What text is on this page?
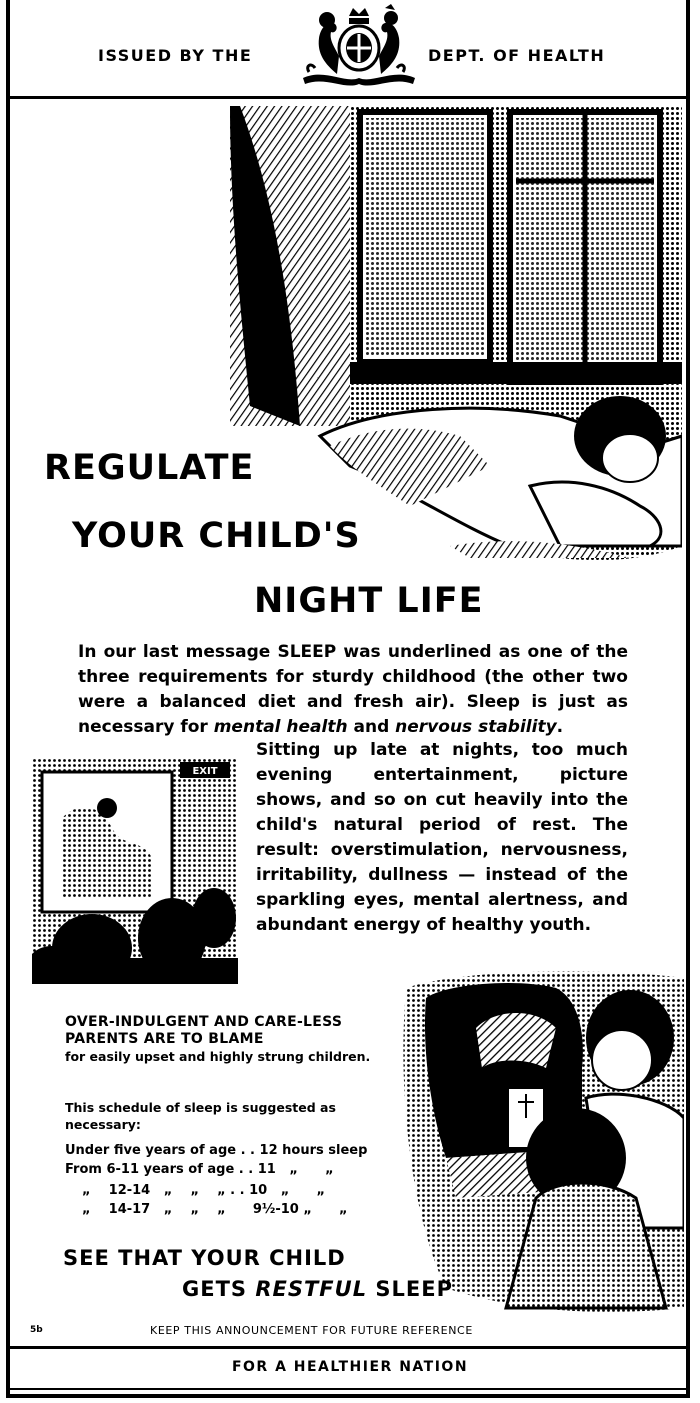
ISSUED BY THE	DEPT. OF HEALTH
REGULATE
YOUR CHILD'S
NIGHT LIFE
In our last message SLEEP was underlined as one of the three requirements for sturdy childhood (the other two were a balanced diet and fresh air). Sleep is just as necessary for mental health and nervous stability.
EXIT
Sitting up late at nights, too much evening entertainment, picture shows, and so on cut heavily into the child's natural period of rest. The result: overstimulation, nervousness, irritability, dullness — instead of the sparkling eyes, mental alertness, and abundant energy of healthy youth.
OVER-INDULGENT AND CARE-LESS PARENTS ARE TO BLAME
for easily upset and highly strung children.
This schedule of sleep is suggested as necessary:
Under five years of age . . 12 hours sleep
From 6-11 years of age . . 11   „      „
„    12-14   „    „    „ . . 10   „      „
„    14-17   „    „    „ 9½-10 „      „
SEE THAT YOUR CHILD
GETS RESTFUL SLEEP
5b	KEEP THIS ANNOUNCEMENT FOR FUTURE REFERENCE
FOR A HEALTHIER NATION
